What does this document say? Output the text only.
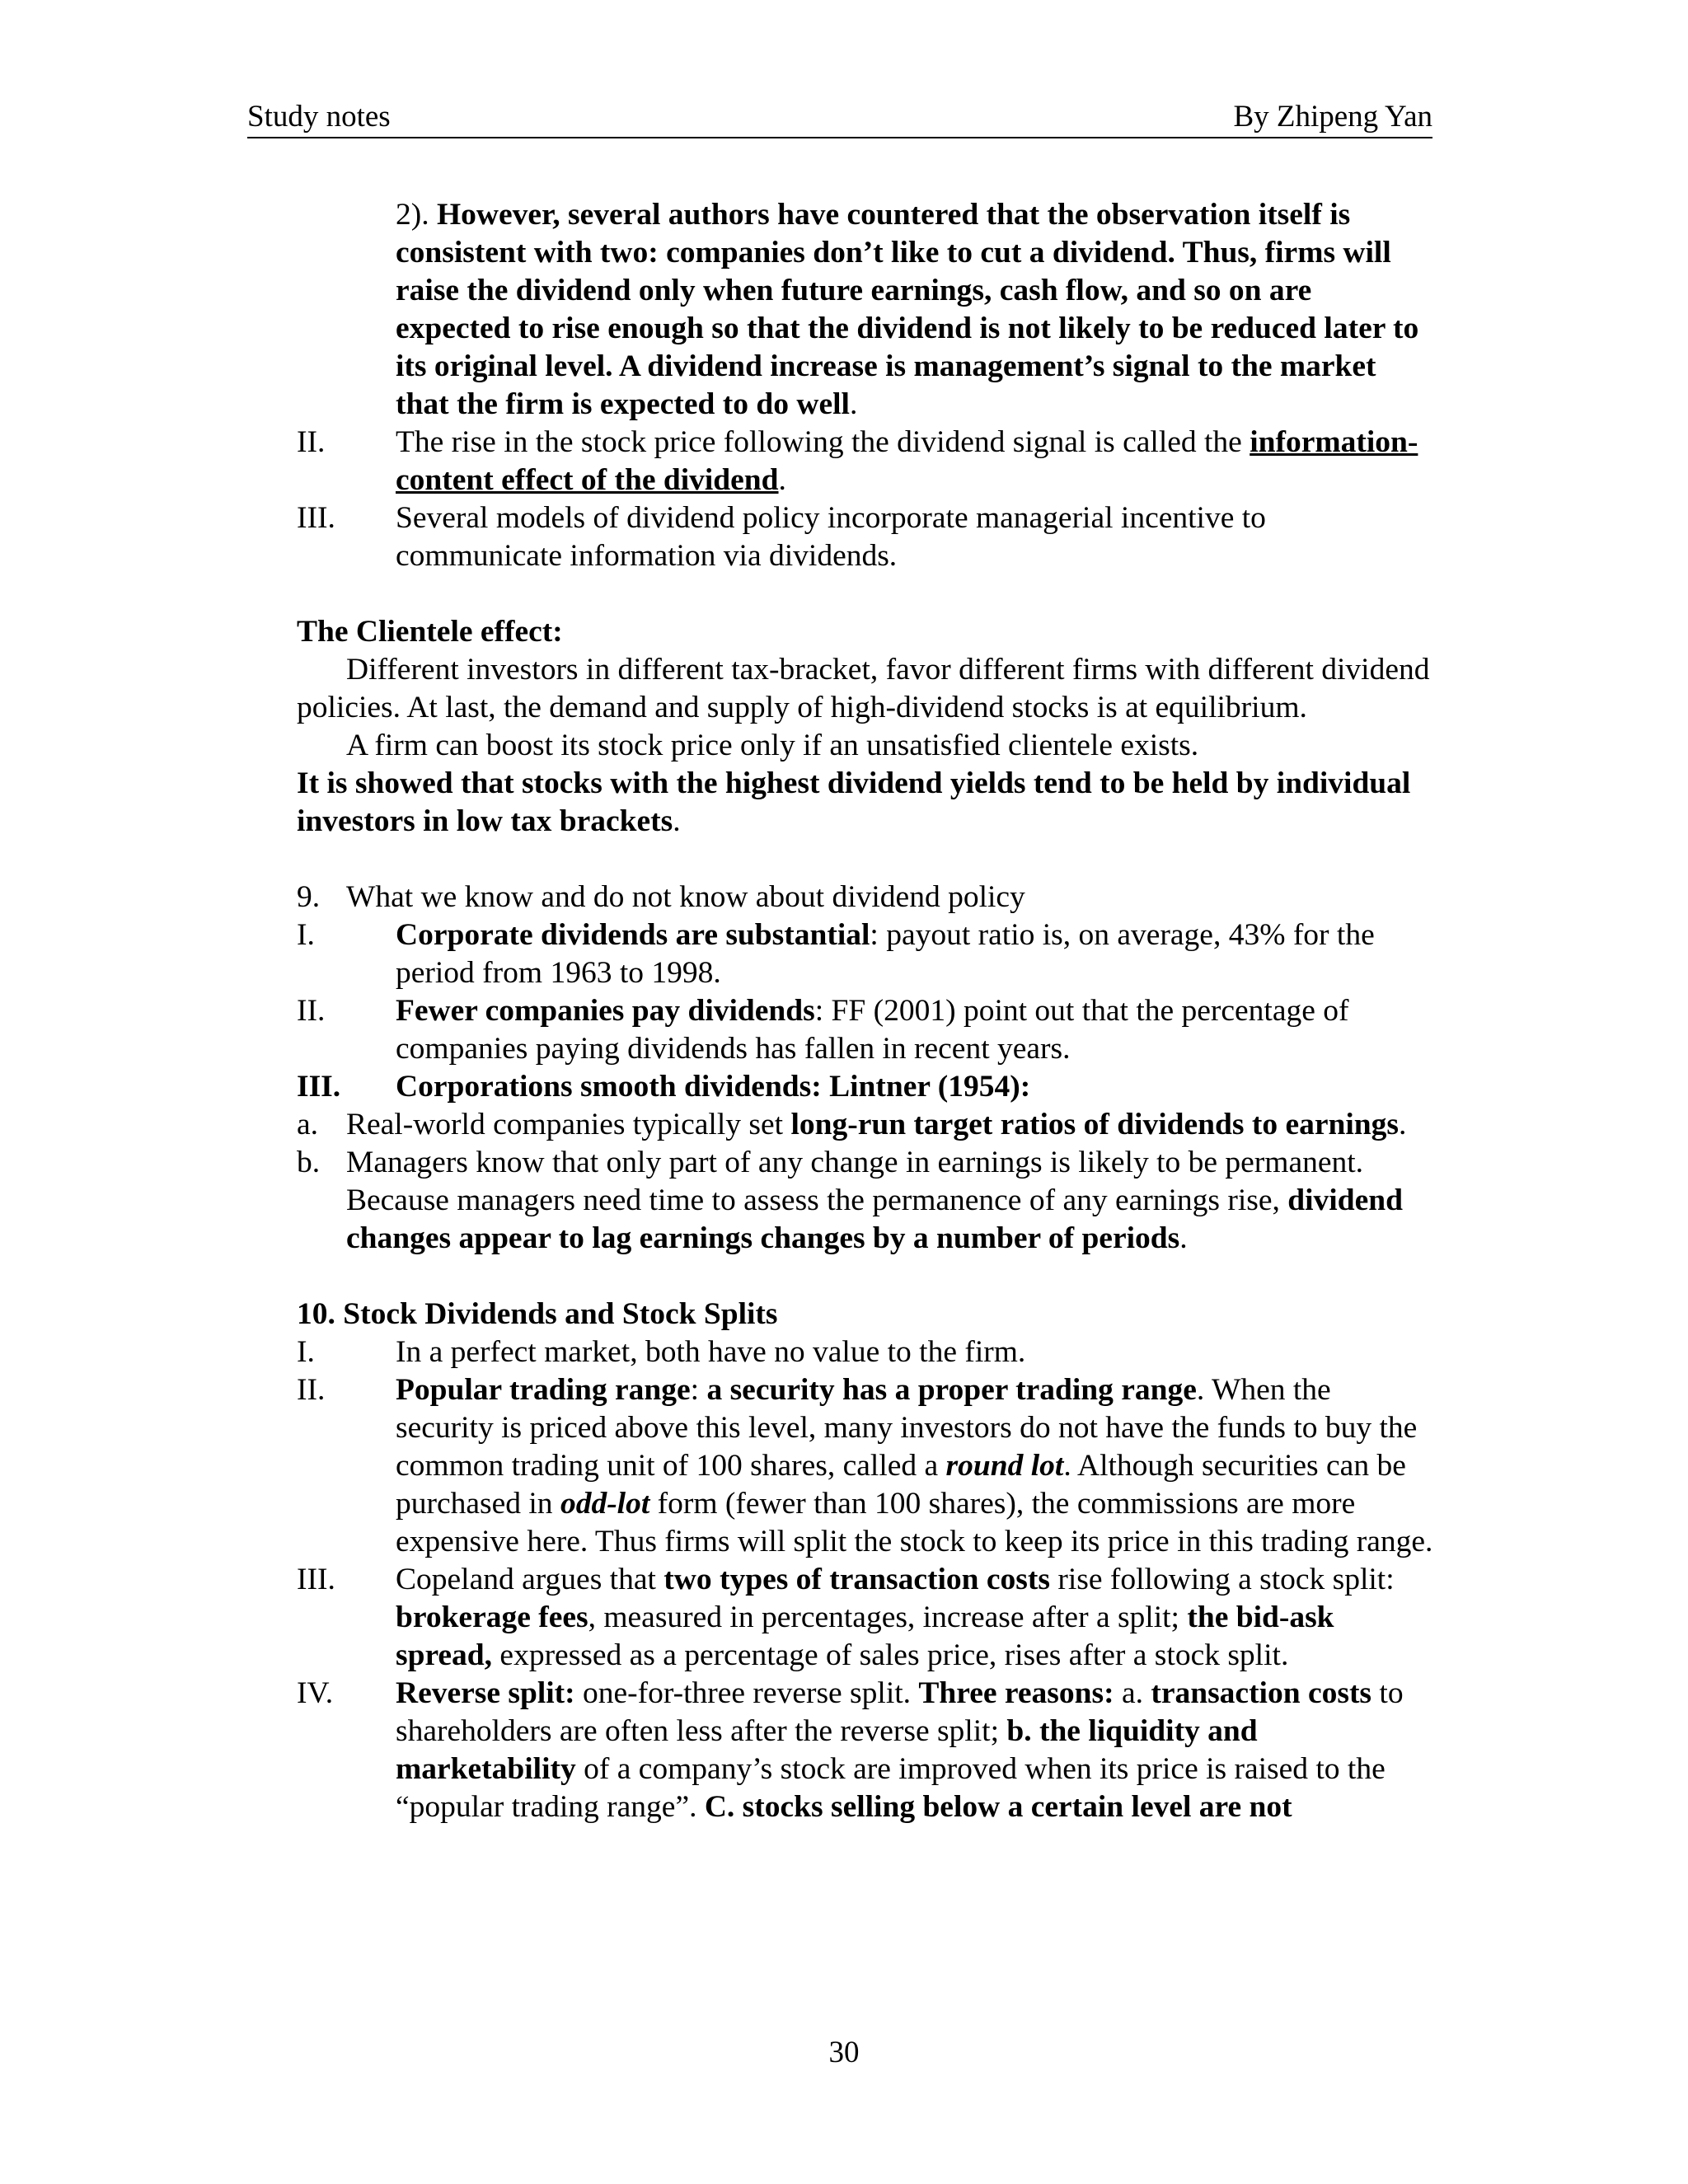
Study notes	By Zhipeng Yan

2). However, several authors have countered that the observation itself is consistent with two: companies don’t like to cut a dividend. Thus, firms will raise the dividend only when future earnings, cash flow, and so on are expected to rise enough so that the dividend is not likely to be reduced later to its original level. A dividend increase is management’s signal to the market that the firm is expected to do well.

II.	The rise in the stock price following the dividend signal is called the information-content effect of the dividend.
III.	Several models of dividend policy incorporate managerial incentive to communicate information via dividends.

The Clientele effect:

Different investors in different tax-bracket, favor different firms with different dividend policies. At last, the demand and supply of high-dividend stocks is at equilibrium.

A firm can boost its stock price only if an unsatisfied clientele exists.

It is showed that stocks with the highest dividend yields tend to be held by individual investors in low tax brackets.

9. What we know and do not know about dividend policy
I.	Corporate dividends are substantial: payout ratio is, on average, 43% for the period from 1963 to 1998.
II.	Fewer companies pay dividends: FF (2001) point out that the percentage of companies paying dividends has fallen in recent years.
III.	Corporations smooth dividends: Lintner (1954):
a. Real-world companies typically set long-run target ratios of dividends to earnings.
b. Managers know that only part of any change in earnings is likely to be permanent. Because managers need time to assess the permanence of any earnings rise, dividend changes appear to lag earnings changes by a number of periods.

10. Stock Dividends and Stock Splits

I.	In a perfect market, both have no value to the firm.
II.	Popular trading range: a security has a proper trading range. When the security is priced above this level, many investors do not have the funds to buy the common trading unit of 100 shares, called a round lot. Although securities can be purchased in odd-lot form (fewer than 100 shares), the commissions are more expensive here. Thus firms will split the stock to keep its price in this trading range.
III.	Copeland argues that two types of transaction costs rise following a stock split: brokerage fees, measured in percentages, increase after a split; the bid-ask spread, expressed as a percentage of sales price, rises after a stock split.
IV.	Reverse split: one-for-three reverse split. Three reasons: a. transaction costs to shareholders are often less after the reverse split; b. the liquidity and marketability of a company’s stock are improved when its price is raised to the “popular trading range”. C. stocks selling below a certain level are not
30
